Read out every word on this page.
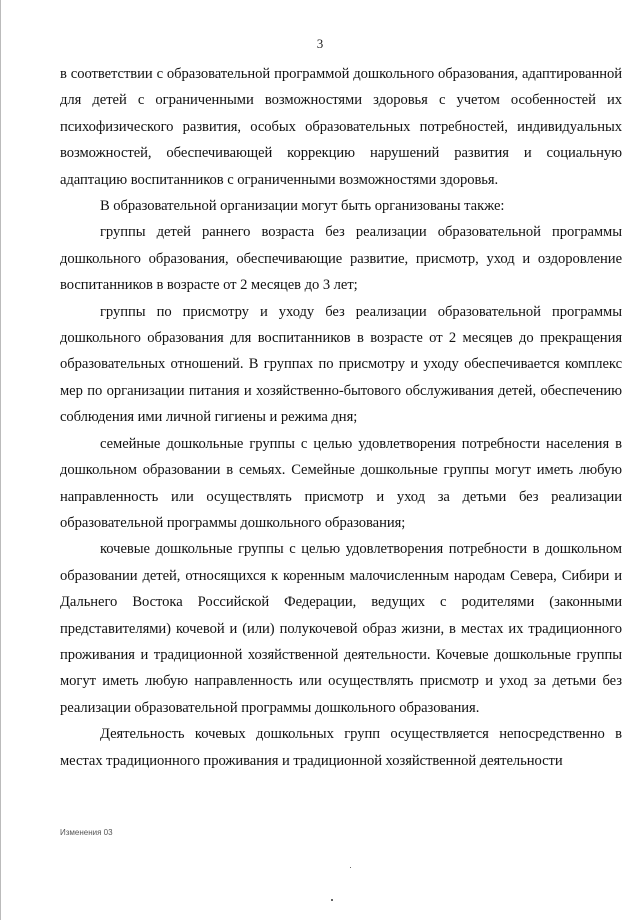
3

в соответствии с образовательной программой дошкольного образования, адаптированной для детей с ограниченными возможностями здоровья с учетом особенностей их психофизического развития, особых образовательных потребностей, индивидуальных возможностей, обеспечивающей коррекцию нарушений развития и социальную адаптацию воспитанников с ограниченными возможностями здоровья.

В образовательной организации могут быть организованы также:

группы детей раннего возраста без реализации образовательной программы дошкольного образования, обеспечивающие развитие, присмотр, уход и оздоровление воспитанников в возрасте от 2 месяцев до 3 лет;

группы по присмотру и уходу без реализации образовательной программы дошкольного образования для воспитанников в возрасте от 2 месяцев до прекращения образовательных отношений. В группах по присмотру и уходу обеспечивается комплекс мер по организации питания и хозяйственно-бытового обслуживания детей, обеспечению соблюдения ими личной гигиены и режима дня;

семейные дошкольные группы с целью удовлетворения потребности населения в дошкольном образовании в семьях. Семейные дошкольные группы могут иметь любую направленность или осуществлять присмотр и уход за детьми без реализации образовательной программы дошкольного образования;

кочевые дошкольные группы с целью удовлетворения потребности в дошкольном образовании детей, относящихся к коренным малочисленным народам Севера, Сибири и Дальнего Востока Российской Федерации, ведущих с родителями (законными представителями) кочевой и (или) полукочевой образ жизни, в местах их традиционного проживания и традиционной хозяйственной деятельности. Кочевые дошкольные группы могут иметь любую направленность или осуществлять присмотр и уход за детьми без реализации образовательной программы дошкольного образования.

Деятельность кочевых дошкольных групп осуществляется непосредственно в местах традиционного проживания и традиционной хозяйственной деятельности

Изменения 03
